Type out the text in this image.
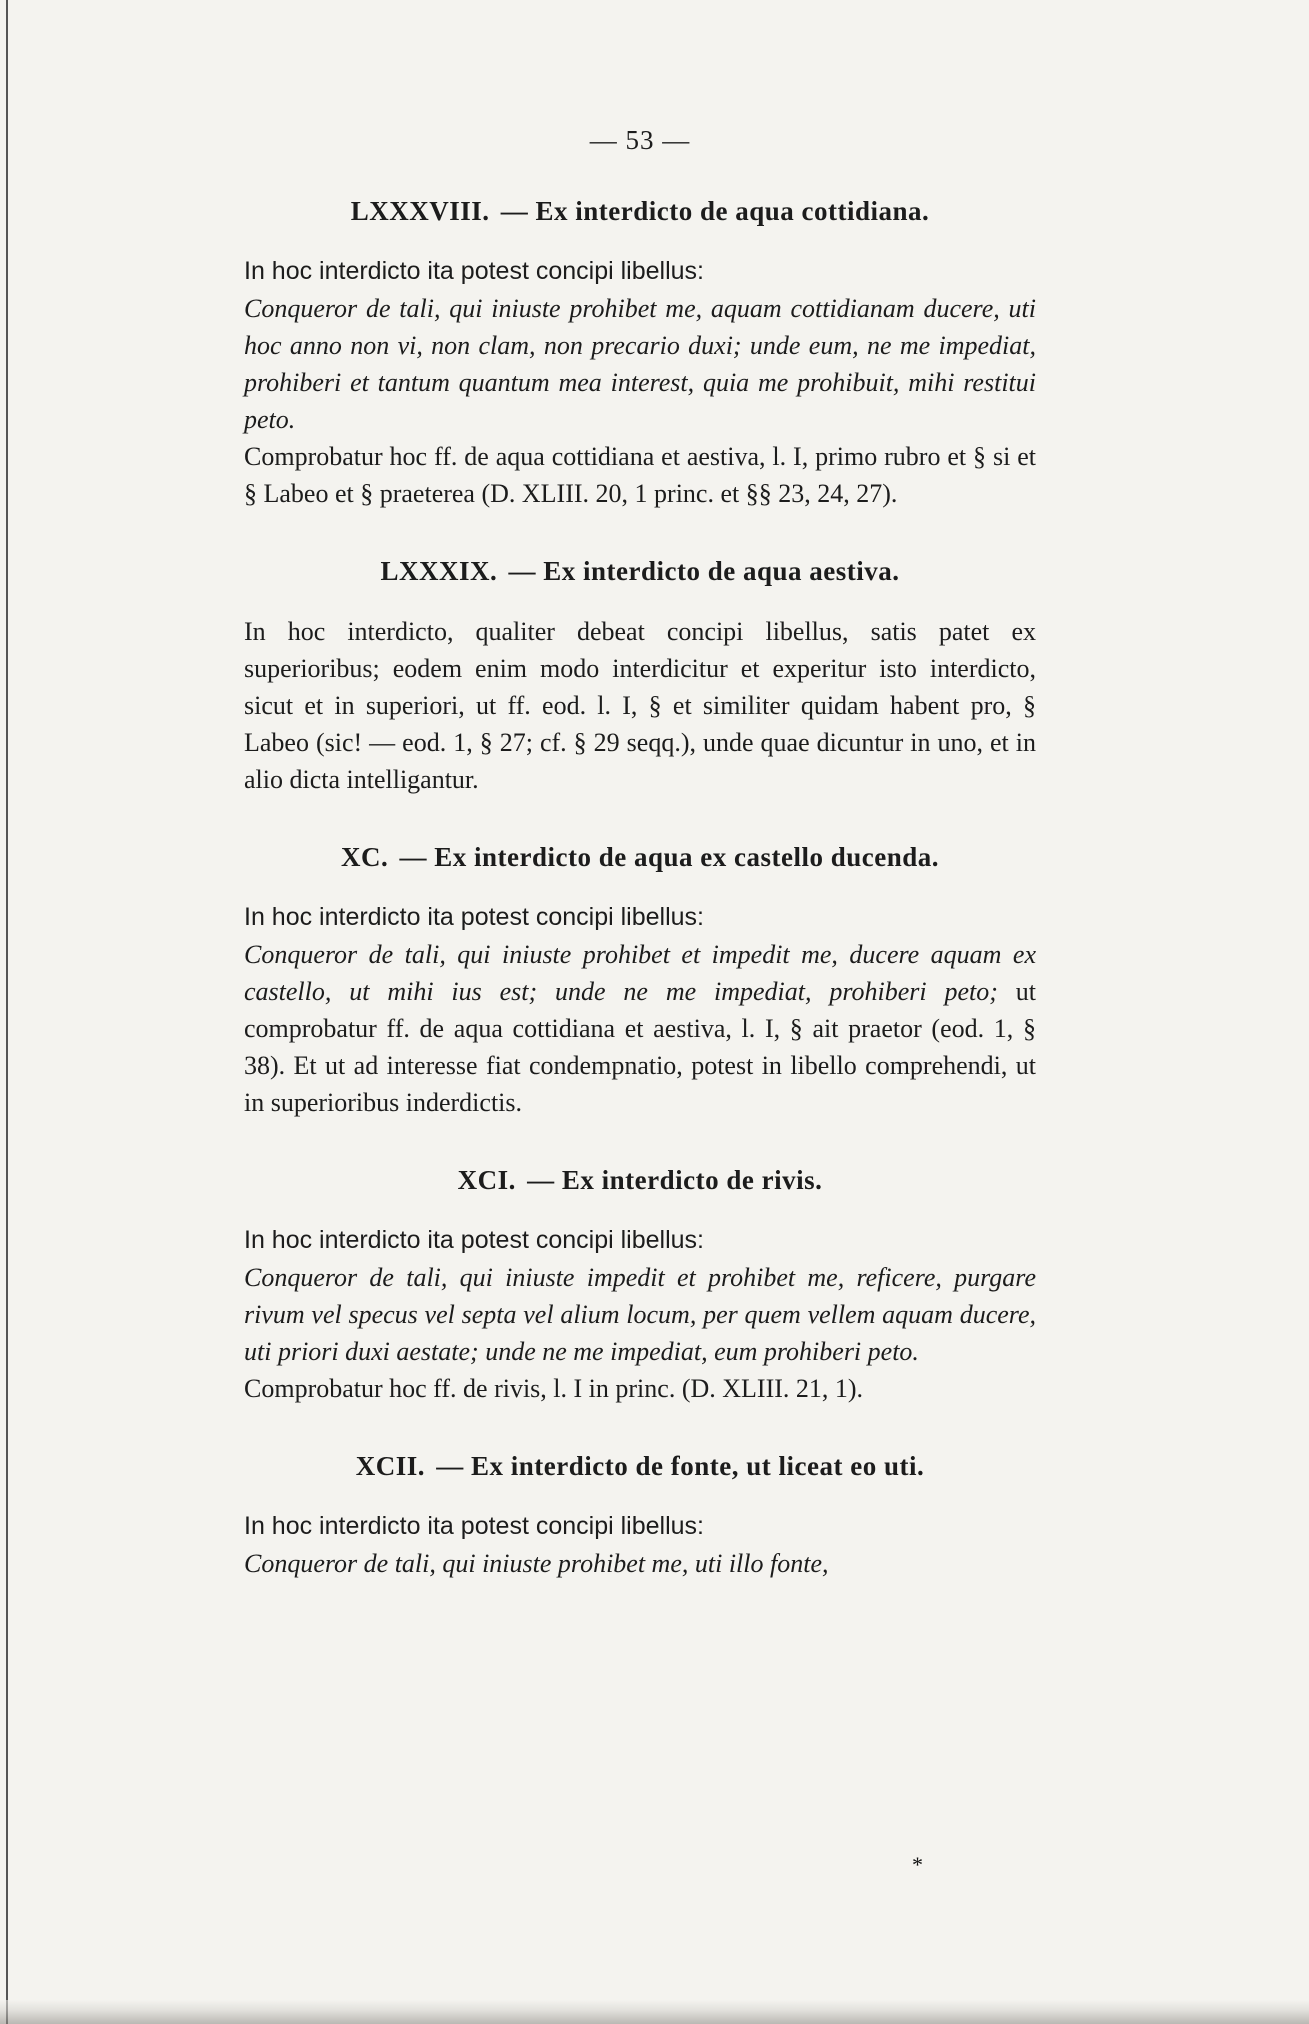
— 53 —
LXXXVIII. — Ex interdicto de aqua cottidiana.

In hoc interdicto ita potest concipi libellus:

Conqueror de tali, qui iniuste prohibet me, aquam cottidianam ducere, uti hoc anno non vi, non clam, non precario duxi; unde eum, ne me impediat, prohiberi et tantum quantum mea interest, quia me prohibuit, mihi restitui peto.

Comprobatur hoc ff. de aqua cottidiana et aestiva, l. I, primo rubro et § si et § Labeo et § praeterea (D. XLIII. 20, 1 princ. et §§ 23, 24, 27).

LXXXIX. — Ex interdicto de aqua aestiva.

In hoc interdicto, qualiter debeat concipi libellus, satis patet ex superioribus; eodem enim modo interdicitur et experitur isto interdicto, sicut et in superiori, ut ff. eod. l. I, § et similiter quidam habent pro, § Labeo (sic! — eod. 1, § 27; cf. § 29 seqq.), unde quae dicuntur in uno, et in alio dicta intelligantur.

XC. — Ex interdicto de aqua ex castello ducenda.

In hoc interdicto ita potest concipi libellus:

Conqueror de tali, qui iniuste prohibet et impedit me, ducere aquam ex castello, ut mihi ius est; unde ne me impediat, prohiberi peto; ut comprobatur ff. de aqua cottidiana et aestiva, l. I, § ait praetor (eod. 1, § 38). Et ut ad interesse fiat condempnatio, potest in libello comprehendi, ut in superioribus inderdictis.

XCI. — Ex interdicto de rivis.

In hoc interdicto ita potest concipi libellus:

Conqueror de tali, qui iniuste impedit et prohibet me, reficere, purgare rivum vel specus vel septa vel alium locum, per quem vellem aquam ducere, uti priori duxi aestate; unde ne me impediat, eum prohiberi peto.

Comprobatur hoc ff. de rivis, l. I in princ. (D. XLIII. 21, 1).

XCII. — Ex interdicto de fonte, ut liceat eo uti.

In hoc interdicto ita potest concipi libellus:

Conqueror de tali, qui iniuste prohibet me, uti illo fonte,

*
